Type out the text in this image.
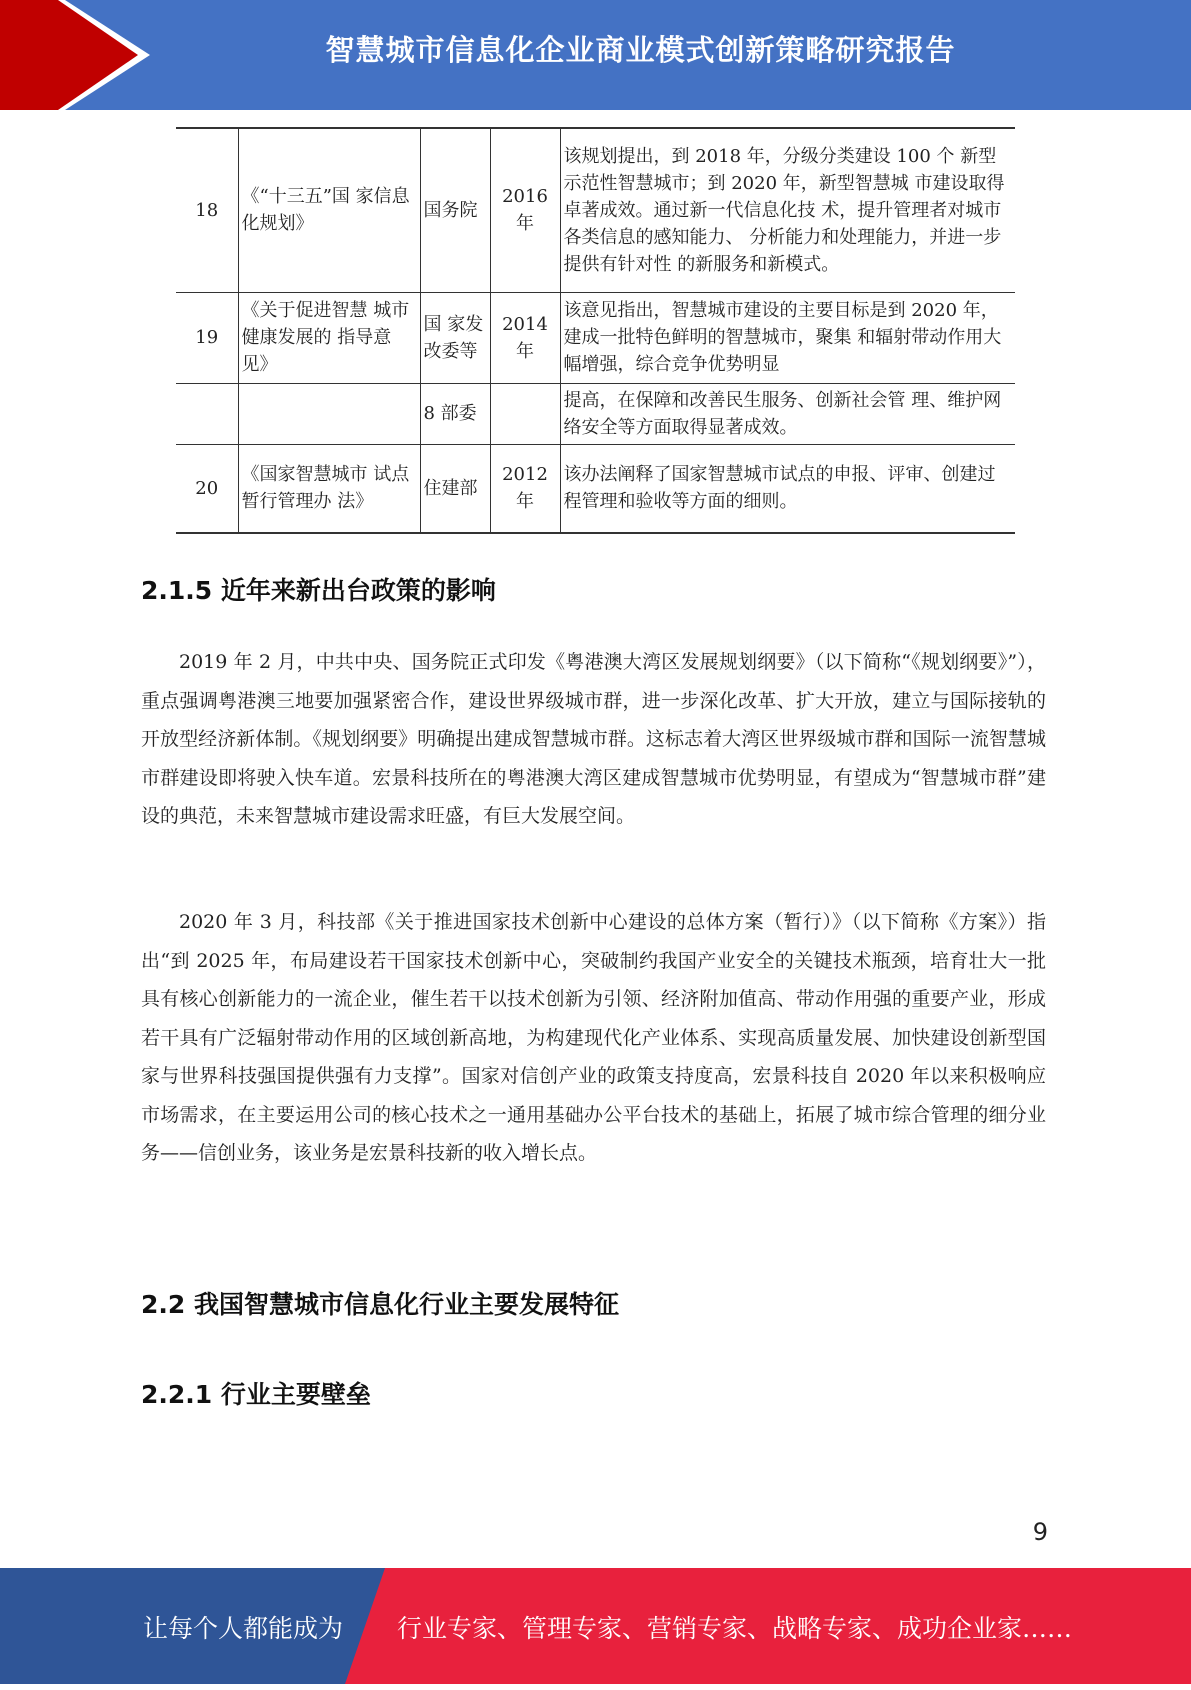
智慧城市信息化企业商业模式创新策略研究报告
18	《“十三五”国 家信息化规划》	国务院	2016年	该规划提出，到 2018 年，分级分类建设 100 个 新型示范性智慧城市；到 2020 年，新型智慧城 市建设取得卓著成效。通过新一代信息化技 术，提升管理者对城市各类信息的感知能力、 分析能力和处理能力，并进一步提供有针对性 的新服务和新模式。
19	《关于促进智慧 城市健康发展的 指导意见》	国 家发 改委等	2014年	该意见指出，智慧城市建设的主要目标是到 2020 年，建成一批特色鲜明的智慧城市，聚集 和辐射带动作用大幅增强，综合竞争优势明显
		8 部委		提高，在保障和改善民生服务、创新社会管 理、维护网络安全等方面取得显著成效。
20	《国家智慧城市 试点暂行管理办 法》	住建部	2012年	该办法阐释了国家智慧城市试点的申报、评审、创建过程管理和验收等方面的细则。
2.1.5 近年来新出台政策的影响

2019 年 2 月，中共中央、国务院正式印发《粤港澳大湾区发展规划纲要》（以下简称“《规划纲要》”），重点强调粤港澳三地要加强紧密合作，建设世界级城市群，进一步深化改革、扩大开放，建立与国际接轨的开放型经济新体制。《规划纲要》明确提出建成智慧城市群。这标志着大湾区世界级城市群和国际一流智慧城市群建设即将驶入快车道。宏景科技所在的粤港澳大湾区建成智慧城市优势明显，有望成为“智慧城市群”建设的典范，未来智慧城市建设需求旺盛，有巨大发展空间。

2020 年 3 月，科技部《关于推进国家技术创新中心建设的总体方案（暂行）》（以下简称《方案》）指出“到 2025 年，布局建设若干国家技术创新中心，突破制约我国产业安全的关键技术瓶颈，培育壮大一批具有核心创新能力的一流企业，催生若干以技术创新为引领、经济附加值高、带动作用强的重要产业，形成若干具有广泛辐射带动作用的区域创新高地，为构建现代化产业体系、实现高质量发展、加快建设创新型国家与世界科技强国提供强有力支撑”。国家对信创产业的政策支持度高，宏景科技自 2020 年以来积极响应市场需求，在主要运用公司的核心技术之一通用基础办公平台技术的基础上，拓展了城市综合管理的细分业务——信创业务，该业务是宏景科技新的收入增长点。

2.2 我国智慧城市信息化行业主要发展特征
2.2.1 行业主要壁垒
9
让每个人都能成为 行业专家、管理专家、营销专家、战略专家、成功企业家……
